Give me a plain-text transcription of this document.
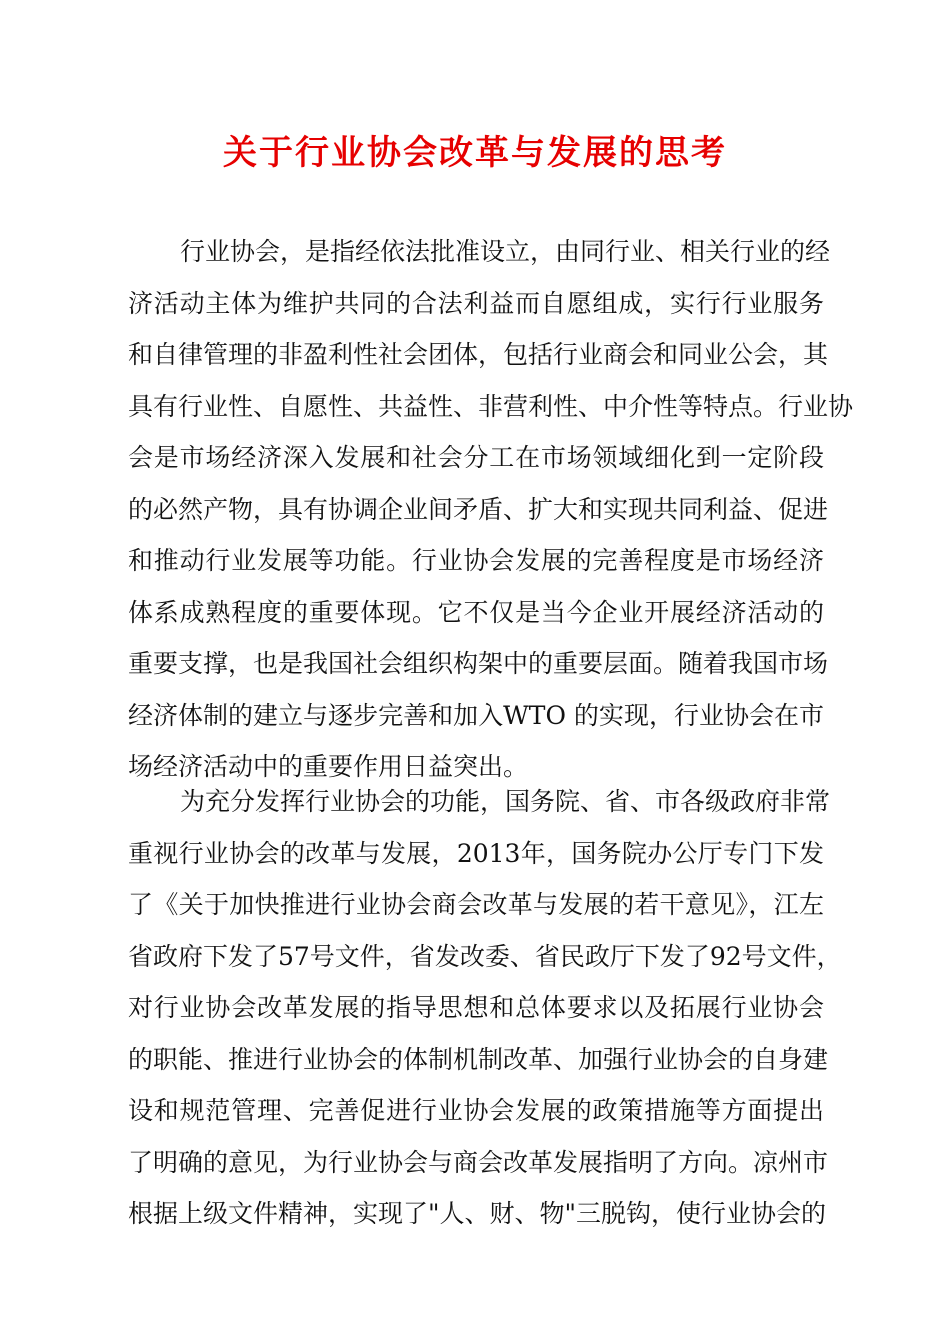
关于行业协会改革与发展的思考
行业协会，是指经依法批准设立，由同行业、相关行业的经
济活动主体为维护共同的合法利益而自愿组成，实行行业服务
和自律管理的非盈利性社会团体，包括行业商会和同业公会，其
具有行业性、自愿性、共益性、非营利性、中介性等特点。行业协
会是市场经济深入发展和社会分工在市场领域细化到一定阶段
的必然产物，具有协调企业间矛盾、扩大和实现共同利益、促进
和推动行业发展等功能。行业协会发展的完善程度是市场经济
体系成熟程度的重要体现。它不仅是当今企业开展经济活动的
重要支撑，也是我国社会组织构架中的重要层面。随着我国市场
经济体制的建立与逐步完善和加入WTO 的实现，行业协会在市
场经济活动中的重要作用日益突出。
为充分发挥行业协会的功能，国务院、省、市各级政府非常
重视行业协会的改革与发展，2013年，国务院办公厅专门下发
了《关于加快推进行业协会商会改革与发展的若干意见》，江左
省政府下发了57号文件，省发改委、省民政厅下发了92号文件，
对行业协会改革发展的指导思想和总体要求以及拓展行业协会
的职能、推进行业协会的体制机制改革、加强行业协会的自身建
设和规范管理、完善促进行业协会发展的政策措施等方面提出
了明确的意见，为行业协会与商会改革发展指明了方向。凉州市
根据上级文件精神，实现了"人、财、物"三脱钩，使行业协会的
